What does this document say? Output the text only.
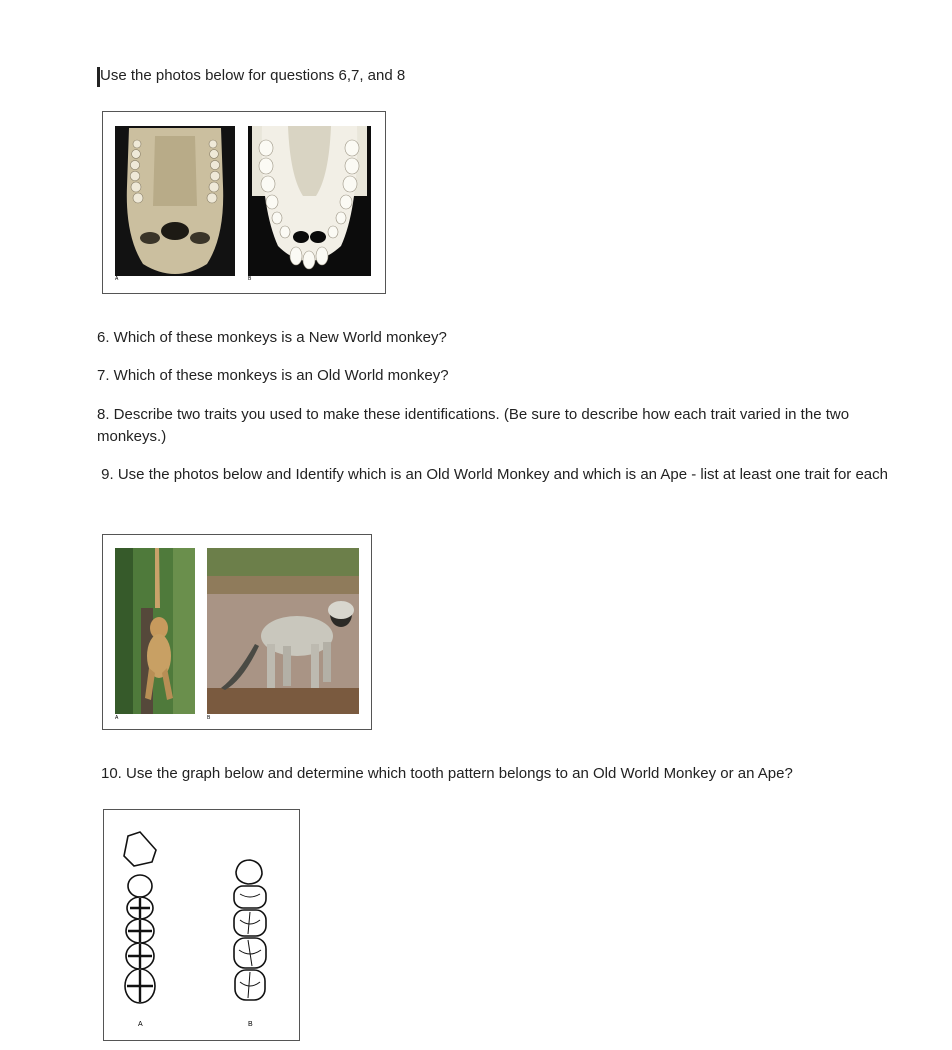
Use the photos below for questions 6,7, and 8

A	B

6. Which of these monkeys is a New World monkey?

7. Which of these monkeys is an Old World monkey?

8. Describe two traits you used to make these identifications. (Be sure to describe how each trait varied in the two monkeys.)

9. Use the photos below and Identify which is an Old World Monkey and which is an Ape - list at least one trait for each

A	B

10. Use the graph below and determine which tooth pattern belongs to an Old World Monkey or an Ape?

A	B
